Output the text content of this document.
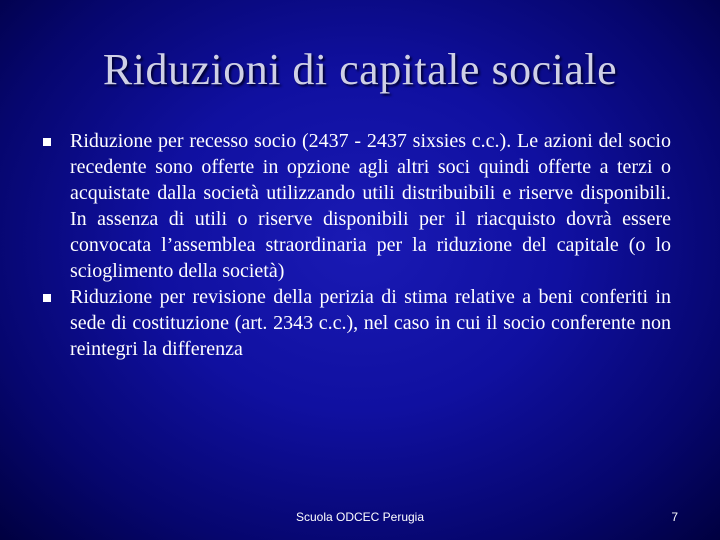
Riduzioni di capitale sociale
Riduzione per recesso socio (2437 - 2437 sixsies c.c.). Le azioni del socio recedente sono offerte in opzione agli altri soci quindi offerte a terzi o acquistate dalla società utilizzando utili distribuibili e riserve disponibili. In assenza di utili o riserve disponibili per il riacquisto dovrà essere convocata l’assemblea straordinaria per la riduzione del capitale (o lo scioglimento della società)
Riduzione per revisione della perizia di stima relative a beni conferiti in sede di costituzione (art. 2343 c.c.), nel caso in cui il socio conferente non reintegri la differenza
Scuola ODCEC Perugia	7
